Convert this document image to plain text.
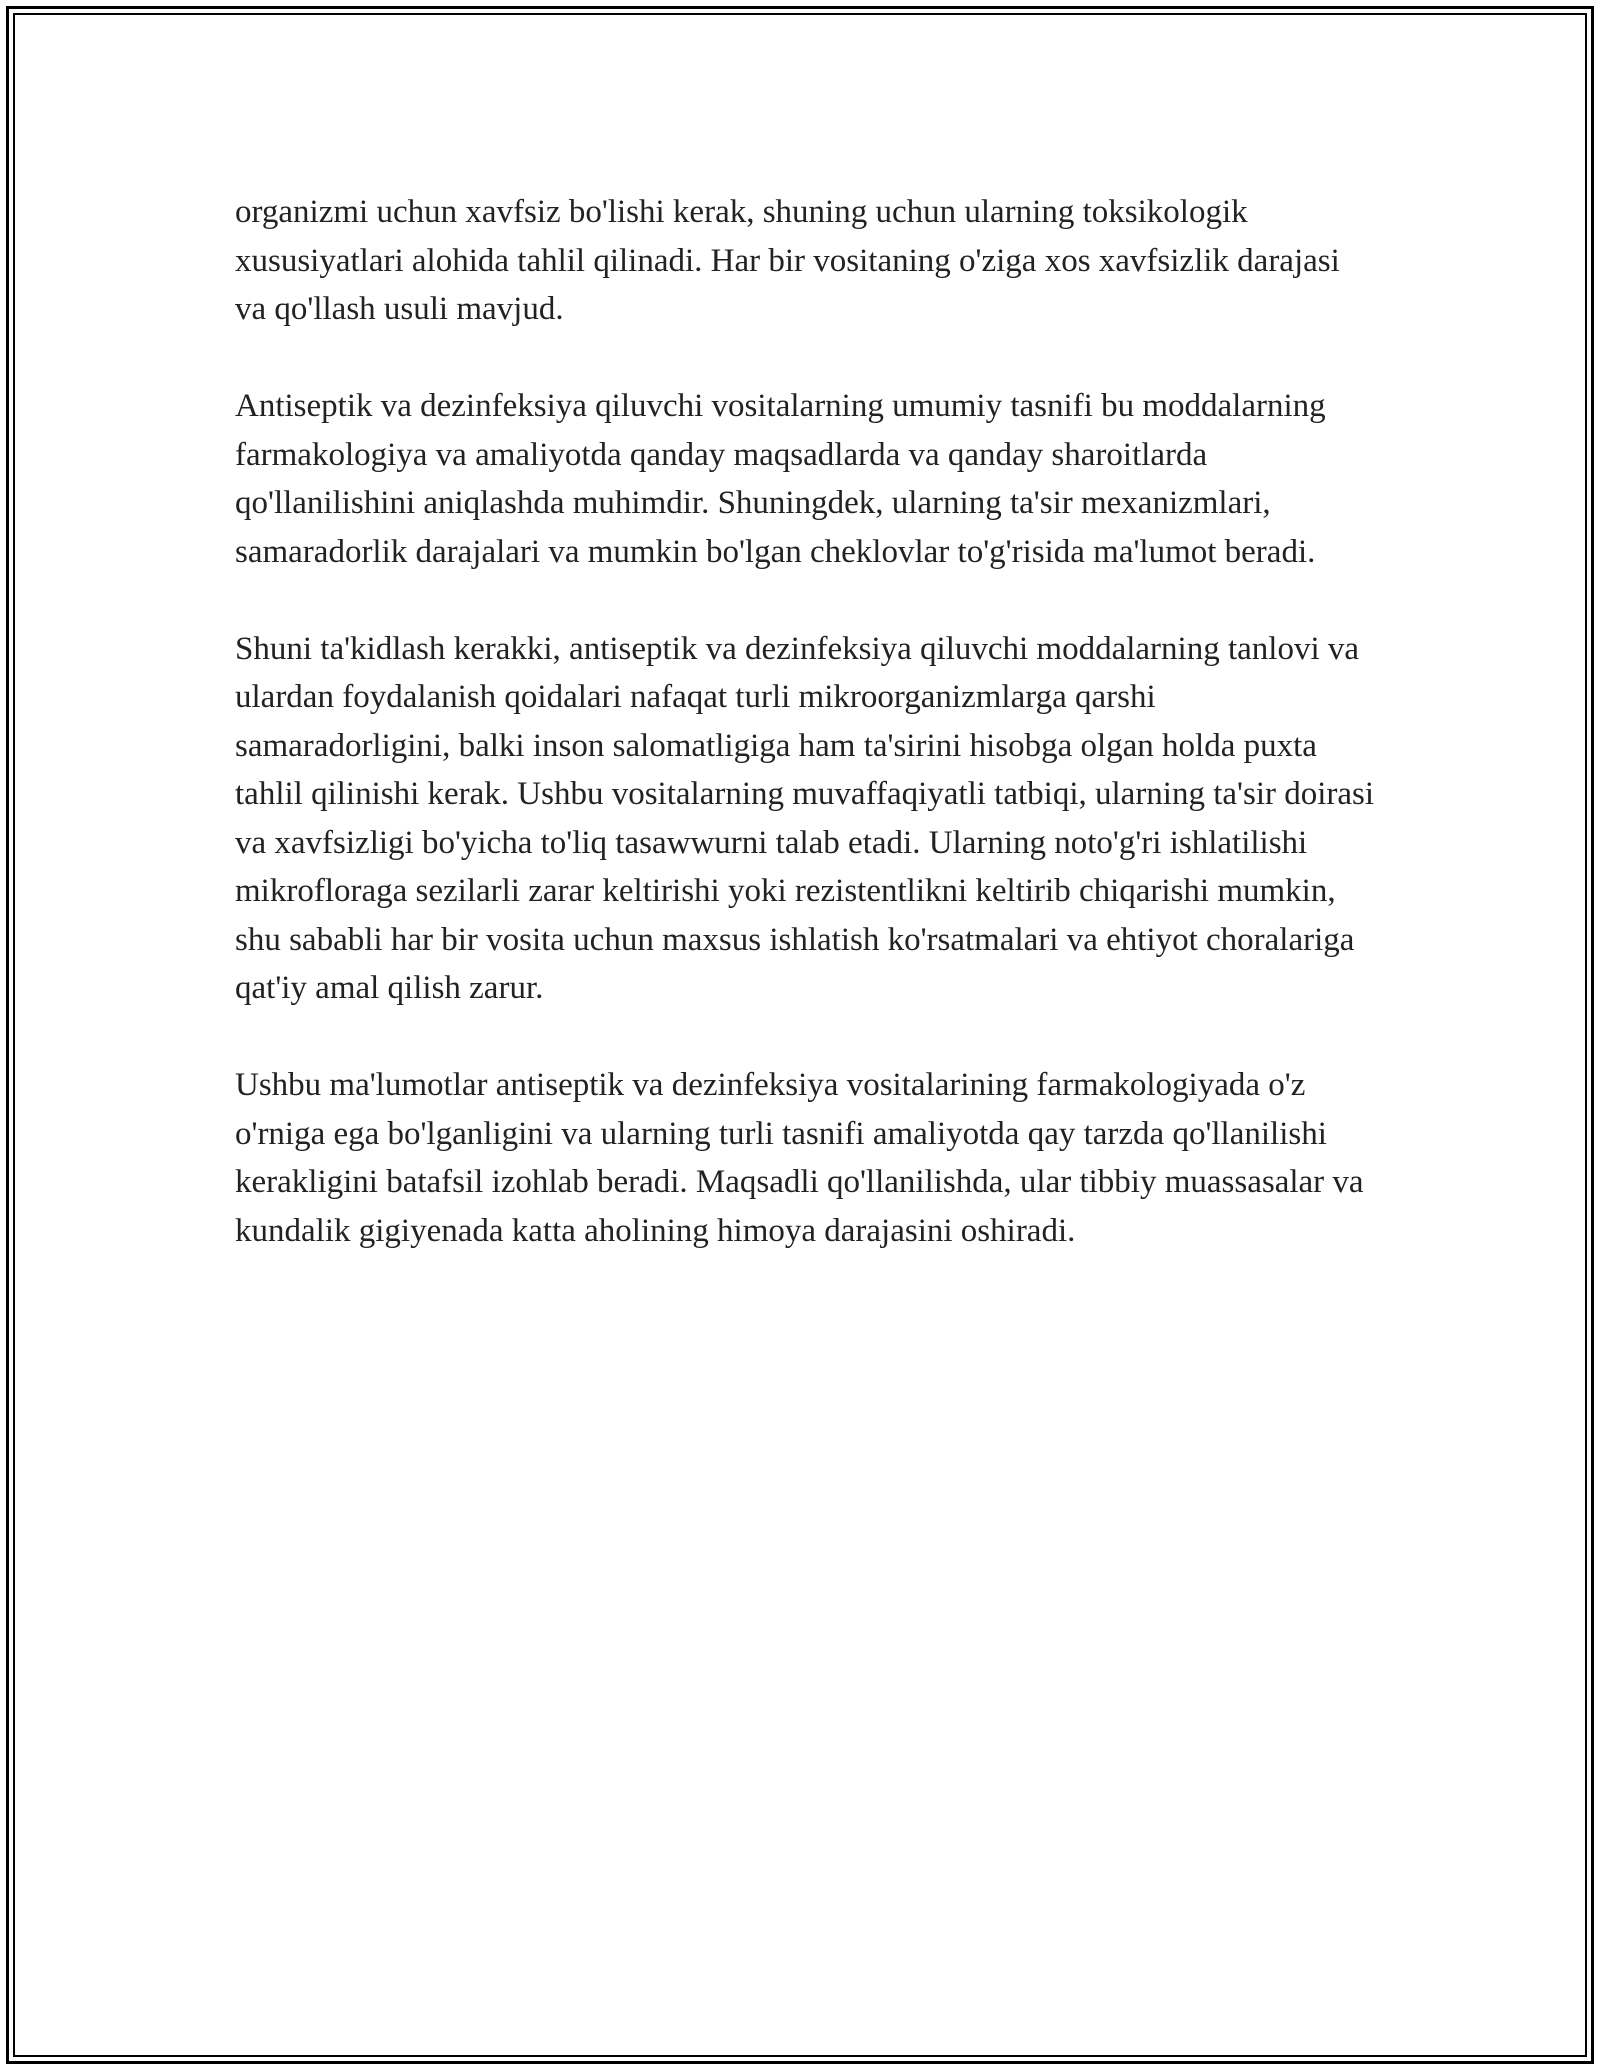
organizmi uchun xavfsiz bo'lishi kerak, shuning uchun ularning toksikologik xususiyatlari alohida tahlil qilinadi. Har bir vositaning o'ziga xos xavfsizlik darajasi va qo'llash usuli mavjud.

Antiseptik va dezinfeksiya qiluvchi vositalarning umumiy tasnifi bu moddalarning farmakologiya va amaliyotda qanday maqsadlarda va qanday sharoitlarda qo'llanilishini aniqlashda muhimdir. Shuningdek, ularning ta'sir mexanizmlari, samaradorlik darajalari va mumkin bo'lgan cheklovlar to'g'risida ma'lumot beradi.

Shuni ta'kidlash kerakki, antiseptik va dezinfeksiya qiluvchi moddalarning tanlovi va ulardan foydalanish qoidalari nafaqat turli mikroorganizmlarga qarshi samaradorligini, balki inson salomatligiga ham ta'sirini hisobga olgan holda puxta tahlil qilinishi kerak. Ushbu vositalarning muvaffaqiyatli tatbiqi, ularning ta'sir doirasi va xavfsizligi bo'yicha to'liq tasawwurni talab etadi. Ularning noto'g'ri ishlatilishi mikrofloraga sezilarli zarar keltirishi yoki rezistentlikni keltirib chiqarishi mumkin, shu sababli har bir vosita uchun maxsus ishlatish ko'rsatmalari va ehtiyot choralariga qat'iy amal qilish zarur.

Ushbu ma'lumotlar antiseptik va dezinfeksiya vositalarining farmakologiyada o'z o'rniga ega bo'lganligini va ularning turli tasnifi amaliyotda qay tarzda qo'llanilishi kerakligini batafsil izohlab beradi. Maqsadli qo'llanilishda, ular tibbiy muassasalar va kundalik gigiyenada katta aholining himoya darajasini oshiradi.
